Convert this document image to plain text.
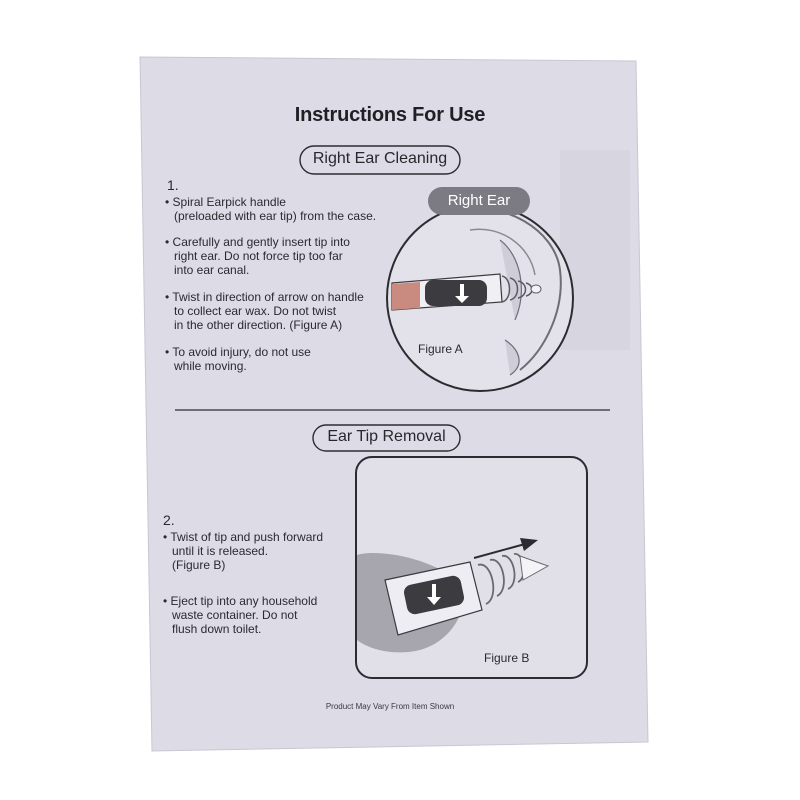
Instructions For Use
Right Ear Cleaning
1.
• Spiral Earpick handle
(preloaded with ear tip) from the case.
• Carefully and gently insert tip into
right ear. Do not force tip too far
into ear canal.
• Twist in direction of arrow on handle
to collect ear wax. Do not twist
in the other direction. (Figure A)
• To avoid injury, do not use
while moving.
Right Ear
Figure A
Ear Tip Removal
2.
• Twist of tip and push forward
until it is released.
(Figure B)
• Eject tip into any household
waste container. Do not
flush down toilet.
Figure B
Product May Vary From Item Shown
